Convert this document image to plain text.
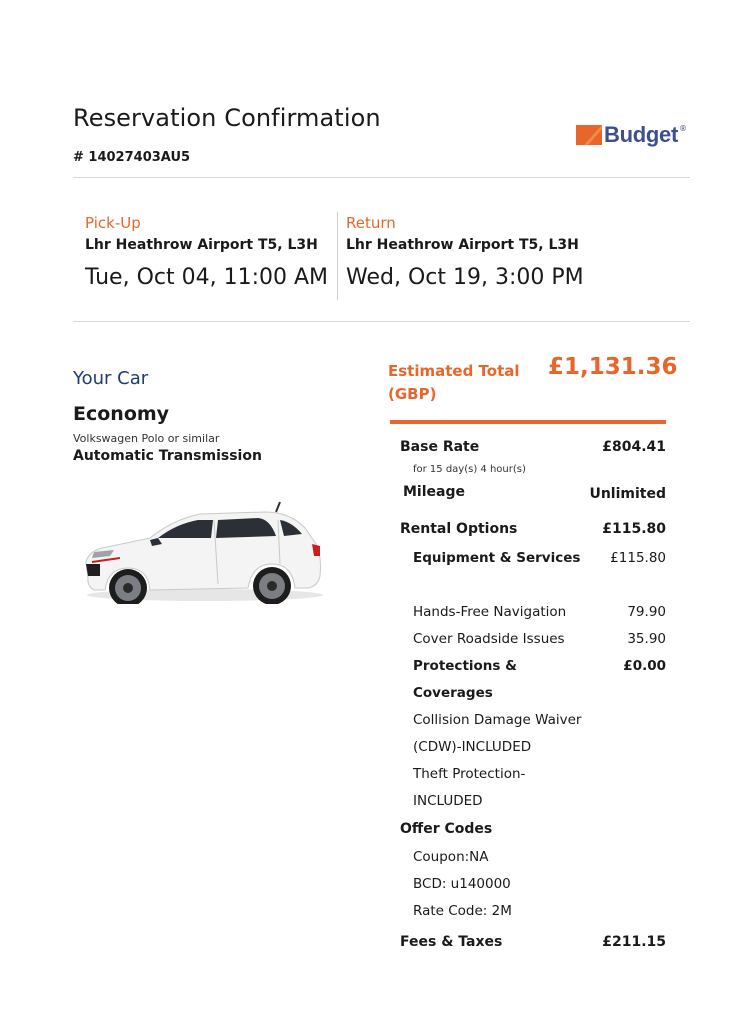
Reservation Confirmation
# 14027403AU5
Budget ®
Pick-Up
Lhr Heathrow Airport T5, L3H
Tue, Oct 04, 11:00 AM
Return
Lhr Heathrow Airport T5, L3H
Wed, Oct 19, 3:00 PM
Your Car
Economy
Volkswagen Polo or similar
Automatic Transmission
Estimated Total
(GBP)
£1,131.36
Base Rate	£804.41
for 15 day(s) 4 hour(s)
Mileage	Unlimited
Rental Options	£115.80
Equipment & Services £115.80
Hands-Free Navigation	79.90
Cover Roadside Issues	35.90
Protections &
Coverages
£0.00
Collision Damage Waiver
(CDW)-INCLUDED
Theft Protection-
INCLUDED
Offer Codes
Coupon:NA
BCD: u140000
Rate Code: 2M
Fees & Taxes	£211.15
